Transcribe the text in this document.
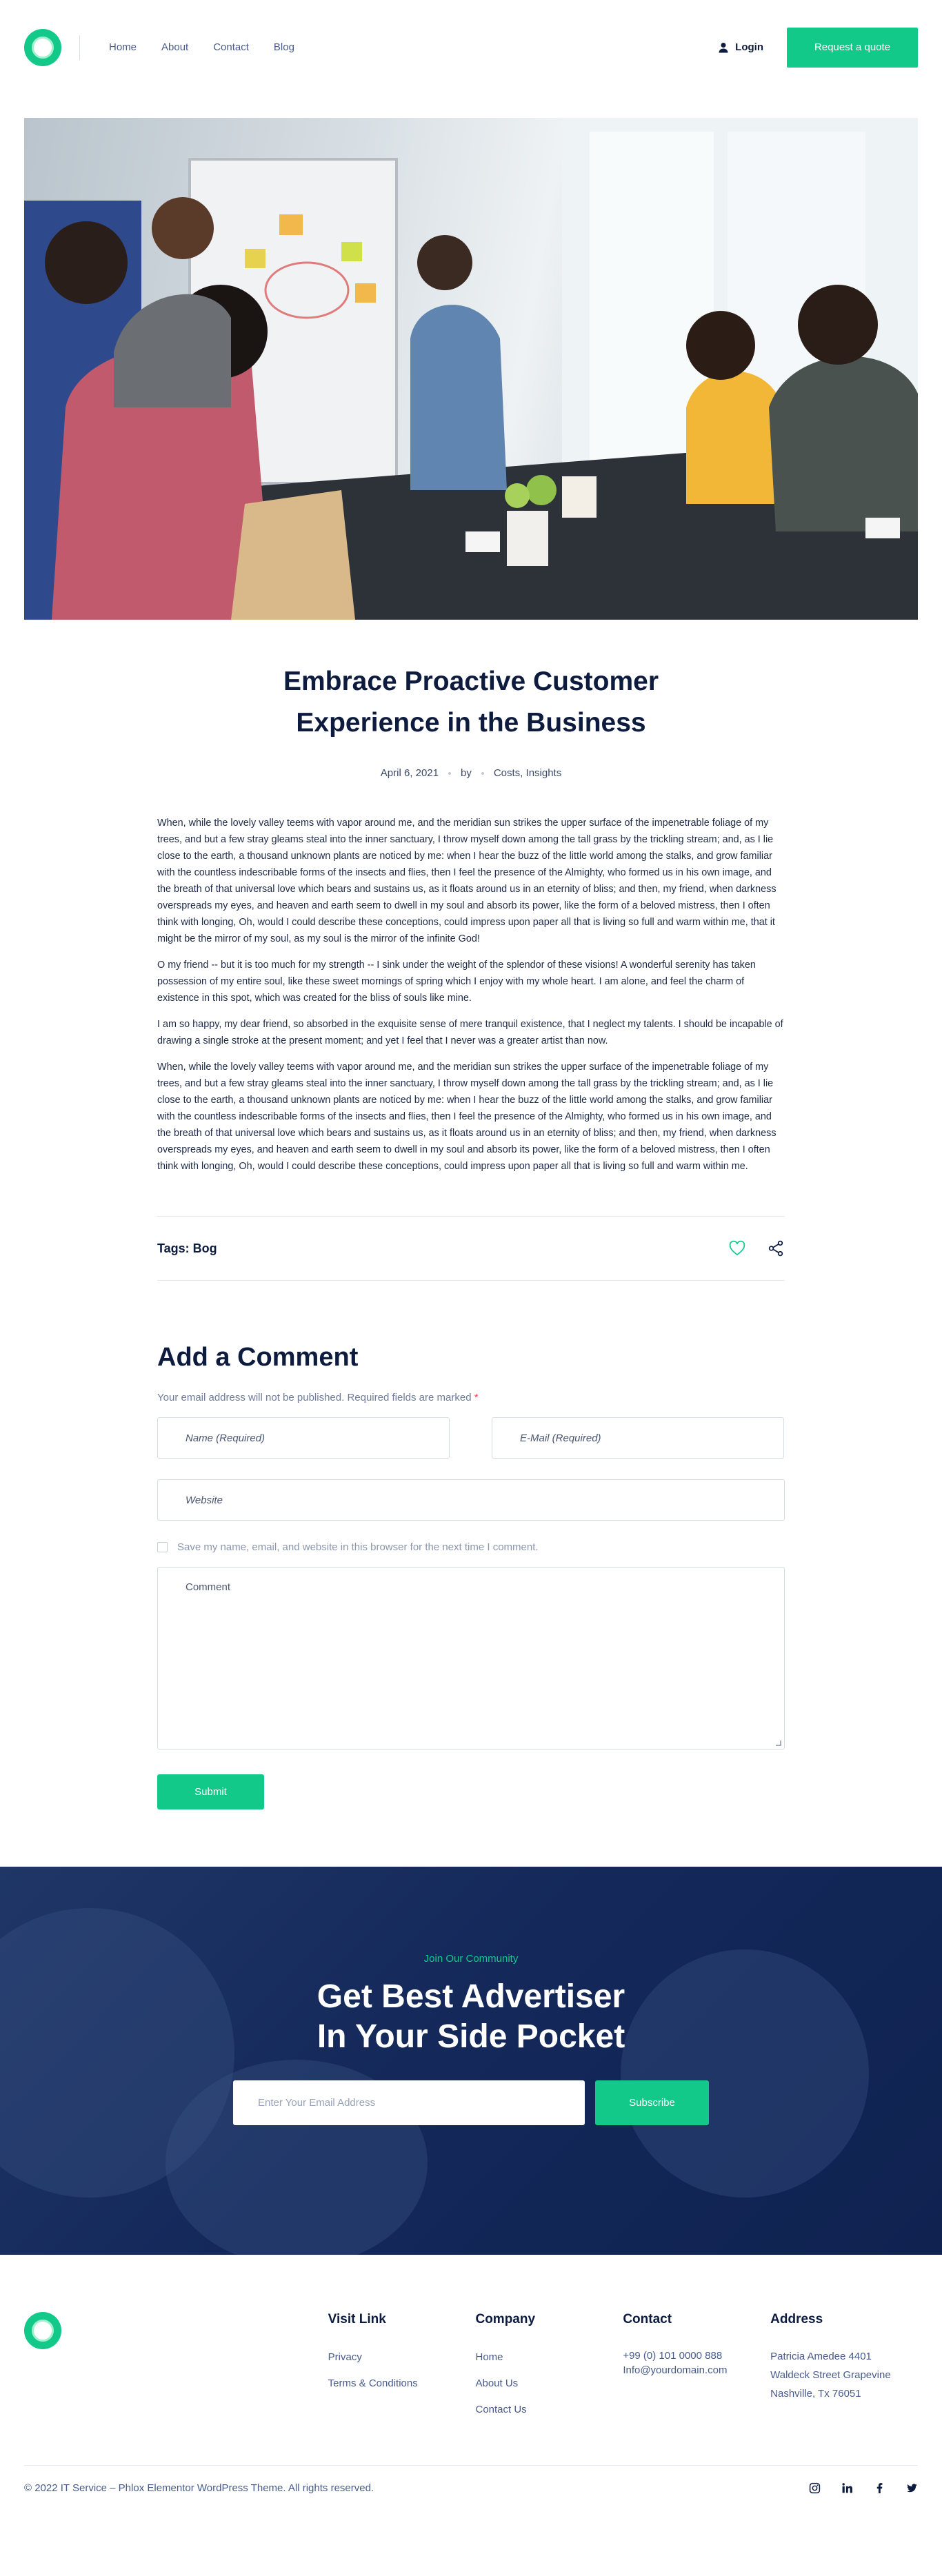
Home About Contact Blog	Login	Request a quote
Embrace Proactive Customer
Experience in the Business
April 6, 2021 by Costs, Insights

When, while the lovely valley teems with vapor around me, and the meridian sun strikes the upper surface of the impenetrable foliage of my trees, and but a few stray gleams steal into the inner sanctuary, I throw myself down among the tall grass by the trickling stream; and, as I lie close to the earth, a thousand unknown plants are noticed by me: when I hear the buzz of the little world among the stalks, and grow familiar with the countless indescribable forms of the insects and flies, then I feel the presence of the Almighty, who formed us in his own image, and the breath of that universal love which bears and sustains us, as it floats around us in an eternity of bliss; and then, my friend, when darkness overspreads my eyes, and heaven and earth seem to dwell in my soul and absorb its power, like the form of a beloved mistress, then I often think with longing, Oh, would I could describe these conceptions, could impress upon paper all that is living so full and warm within me, that it might be the mirror of my soul, as my soul is the mirror of the infinite God!

O my friend -- but it is too much for my strength -- I sink under the weight of the splendor of these visions! A wonderful serenity has taken possession of my entire soul, like these sweet mornings of spring which I enjoy with my whole heart. I am alone, and feel the charm of existence in this spot, which was created for the bliss of souls like mine.

I am so happy, my dear friend, so absorbed in the exquisite sense of mere tranquil existence, that I neglect my talents. I should be incapable of drawing a single stroke at the present moment; and yet I feel that I never was a greater artist than now.

When, while the lovely valley teems with vapor around me, and the meridian sun strikes the upper surface of the impenetrable foliage of my trees, and but a few stray gleams steal into the inner sanctuary, I throw myself down among the tall grass by the trickling stream; and, as I lie close to the earth, a thousand unknown plants are noticed by me: when I hear the buzz of the little world among the stalks, and grow familiar with the countless indescribable forms of the insects and flies, then I feel the presence of the Almighty, who formed us in his own image, and the breath of that universal love which bears and sustains us, as it floats around us in an eternity of bliss; and then, my friend, when darkness overspreads my eyes, and heaven and earth seem to dwell in my soul and absorb its power, like the form of a beloved mistress, then I often think with longing, Oh, would I could describe these conceptions, could impress upon paper all that is living so full and warm within me.

Tags: Bog
Add a Comment
Your email address will not be published. Required fields are marked *
Name (Required)	E-Mail (Required)
Website
Save my name, email, and website in this browser for the next time I comment.
Comment
Submit
Join Our Community
Get Best Advertiser
In Your Side Pocket
Enter Your Email Address	Subscribe
Visit Link
Privacy
Terms & Conditions
Company
Home
About Us
Contact Us
Contact
+99 (0) 101 0000 888
Info@yourdomain.com
Address
Patricia Amedee 4401 Waldeck Street Grapevine Nashville, Tx 76051
© 2022 IT Service – Phlox Elementor WordPress Theme. All rights reserved.
